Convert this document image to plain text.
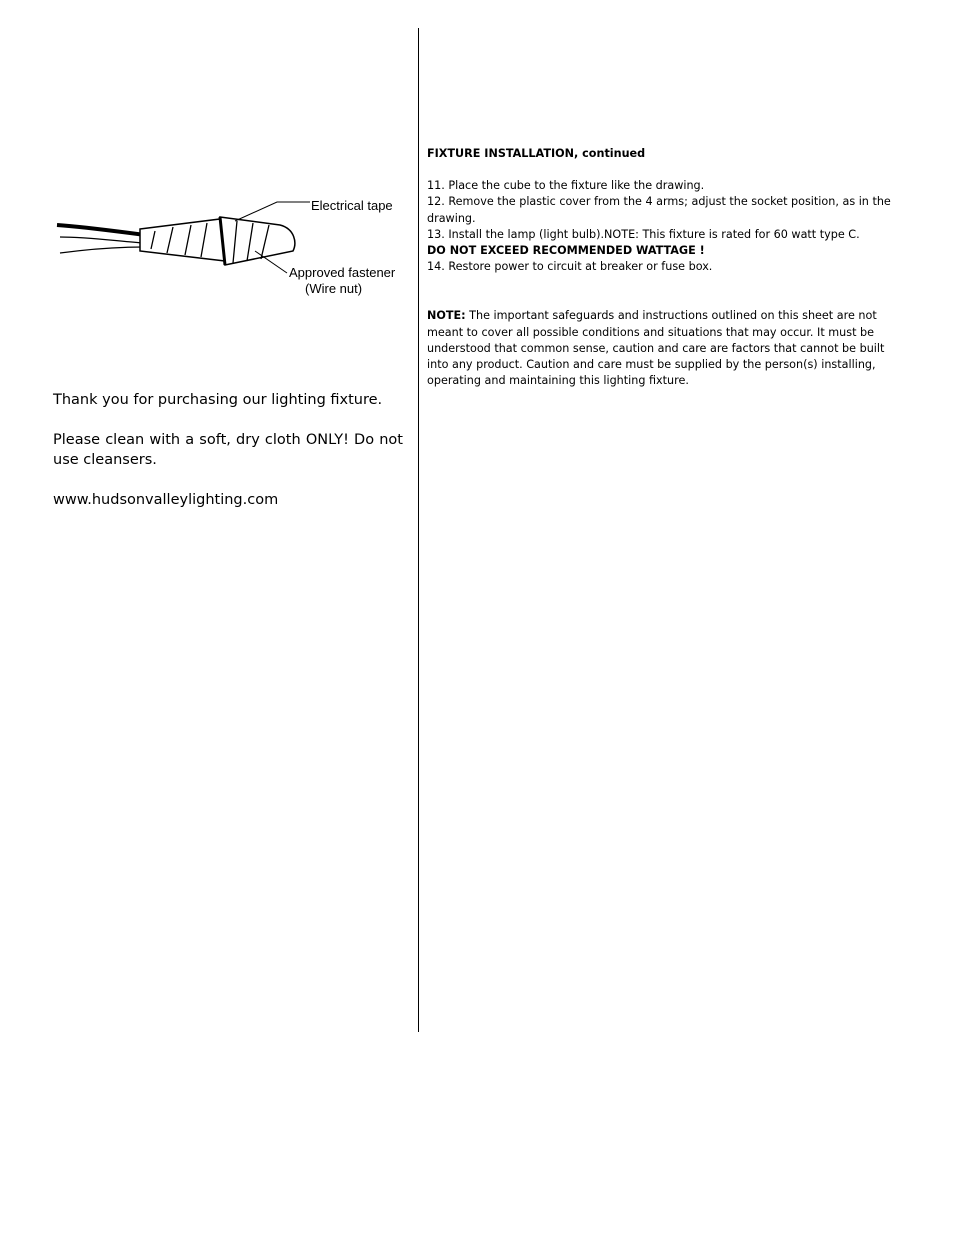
Electrical tape
Approved fastener
(Wire nut)

Thank you for purchasing our lighting fixture.

Please clean with a soft, dry cloth ONLY! Do not use cleansers.

www.hudsonvalleylighting.com

FIXTURE INSTALLATION, continued

11. Place the cube to the fixture like the drawing.

12. Remove the plastic cover from the 4 arms; adjust the socket position, as in the drawing.

13. Install the lamp (light bulb).NOTE: This fixture is rated for 60 watt type C.

DO NOT EXCEED RECOMMENDED WATTAGE !

14. Restore power to circuit at breaker or fuse box.

NOTE: The important safeguards and instructions outlined on this sheet are not meant to cover all possible conditions and situations that may occur. It must be understood that common sense, caution and care are factors that cannot be built into any product. Caution and care must be supplied by the person(s) installing, operating and maintaining this lighting fixture.
